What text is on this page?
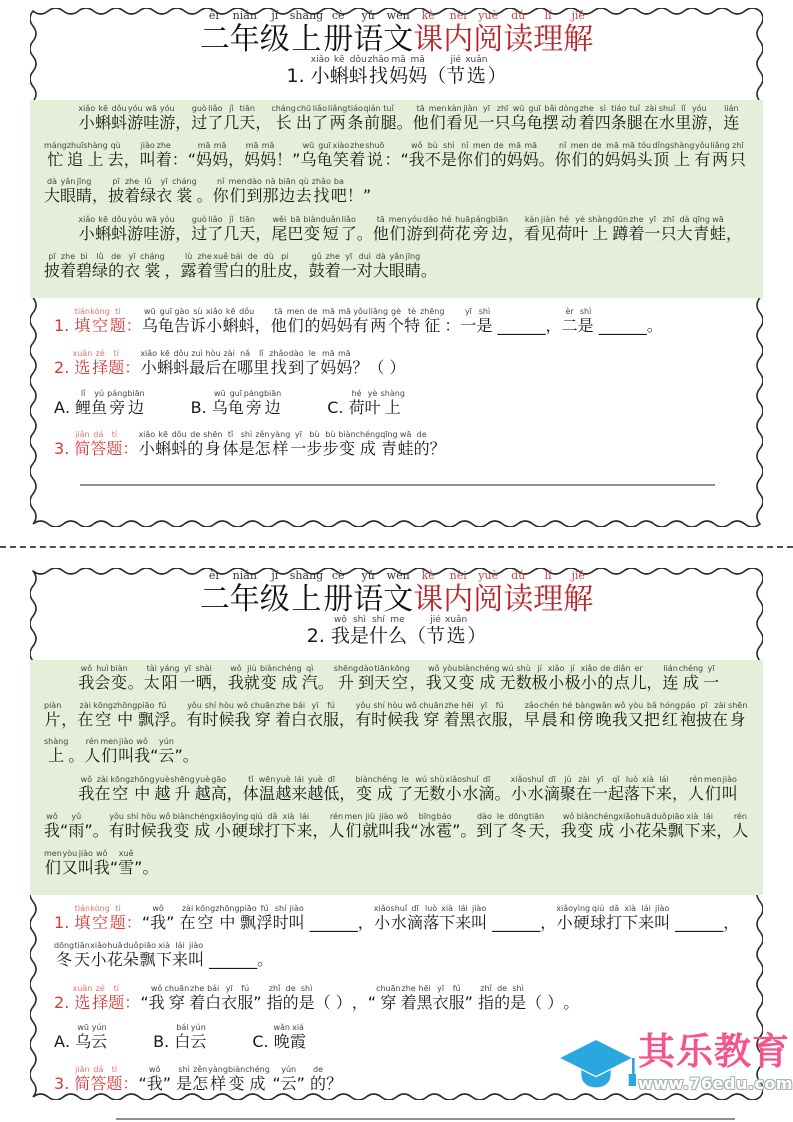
二èr年nián级jí上shàng册cè语yǔ文wén课kè内nèi阅yuè读dú理lǐ解jiě
1. 小xiǎo蝌kē蚪dǒu找zhǎo妈mā妈mā（节jié选xuǎn）
小xiǎo蝌kē蚪dǒu游yóu哇wā游yóu，过guò了liǎo几jǐ天tiān，长cháng出chū了liǎo两liǎng条tiáo前qián腿tuǐ。他tā们men看kàn见jiàn一yī只zhī乌wū龟guī摆bǎi动dòng着zhe四sì条tiáo腿tuǐ在zài水shuǐ里lǐ游yóu，连lián忙máng追zhuī上shàng去qù，叫jiào着zhe：“妈mā妈mā，妈mā妈mā！”乌wū龟guī笑xiào着zhe说shuō：“我wǒ不bù是shì你nǐ们men的de妈mā妈mā。你nǐ们men的de妈mā妈mā头tóu顶dǐng上shàng有yǒu两liǎng只zhī大dà眼yǎn睛jīng，披pī着zhe绿lǜ衣yī裳cháng。你nǐ们men到dào那nà边biān去qù找zhǎo吧ba！”
小xiǎo蝌kē蚪dǒu游yóu哇wā游yóu，过guò了liǎo几jǐ天tiān，尾wěi巴bā变biàn短duǎn了liǎo。他tā们men游yóu到dào荷hé花huā旁páng边biān，看kàn见jiàn荷hé叶yè上shàng蹲dūn着zhe一yī只zhī大dà青qīng蛙wā，披pī着zhe碧bì绿lǜ的de衣yī裳cháng，露lù着zhe雪xuě白bái的de肚dù皮pí，鼓gǔ着zhe一yī对duì大dà眼yǎn睛jīng。
1. 填tián空kòng题tí：乌wū龟guī告gào诉sù小xiǎo蝌kē蚪dǒu，他tā们men的de妈mā妈mā有yǒu两liǎng个gè特tè征zhēng：一yī是shì ______，二èr是shì ______。
2. 选xuǎn择zé题tí：小xiǎo蝌kē蚪dǒu最zuì后hòu在zài哪nǎ里lǐ找zhǎo到dào了le妈mā妈mā？（ ）
A. 鲤lǐ鱼yú旁páng边biān
B. 乌wū龟guī旁páng边biān
C. 荷hé叶yè上shàng
3. 简jiǎn答dá题tí：小xiǎo蝌kē蚪dǒu的de身shēn体tǐ是shì怎zěn样yàng一yī步bù步bù变biàn成chéng青qīng蛙wā的de？
二èr年nián级jí上shàng册cè语yǔ文wén课kè内nèi阅yuè读dú理lǐ解jiě
2. 我wǒ是shì什shí么me（节jié选xuǎn）
我wǒ会huì变biàn。太tài阳yáng一yī晒shài，我wǒ就jiù变biàn成chéng汽qì。升shēng到dào天tiān空kōng，我wǒ又yòu变biàn成chéng无wú数shù极jí小xiǎo极jí小xiǎo的de点diǎn儿er，连lián成chéng一yī片piàn，在zài空kōng中zhōng飘piāo浮fú。有yǒu时shí候hòu我wǒ穿chuān着zhe白bái衣yī服fú，有yǒu时shí候hòu我wǒ穿chuān着zhe黑hēi衣yī服fú，早zǎo晨chén和hé傍bàng晚wǎn我wǒ又yòu把bǎ红hóng袍páo披pī在zài身shēn上shàng。人rén们men叫jiào我wǒ“云yún”。
我wǒ在zài空kōng中zhōng越yuè升shēng越yuè高gāo，体tǐ温wēn越yuè来lái越yuè低dī，变biàn成chéng了le无wú数shù小xiǎo水shuǐ滴dī。小xiǎo水shuǐ滴dī聚jù在zài一yī起qǐ落luò下xià来lái，人rén们men叫jiào我wǒ“雨yǔ”。有yǒu时shí候hòu我wǒ变biàn成chéng小xiǎo硬yìng球qiú打dǎ下xià来lái，人rén们men就jiù叫jiào我wǒ“冰bīng雹báo”。到dào了le冬dōng天tiān，我wǒ变biàn成chéng小xiǎo花huā朵duǒ飘piāo下xià来lái，人rén们men又yòu叫jiào我wǒ“雪xuě”。
1. 填tián空kòng题tí：“我wǒ” 在zài空kōng中zhōng飘piāo浮fú时shí叫jiào ______，小xiǎo水shuǐ滴dī落luò下xià来lái叫jiào ______，小xiǎo硬yìng球qiú打dǎ下xià来lái叫jiào ______，冬dōng天tiān小xiǎo花huā朵duǒ飘piāo下xià来lái叫jiào ______。
2. 选xuǎn择zé题tí：“我wǒ穿chuān着zhe白bái衣yī服fú” 指zhǐ的de是shì（ ），“穿chuān着zhe黑hēi衣yī服fú” 指zhǐ的de是shì（ ）。
A. 乌wū云yún
B. 白bái云yún
C. 晚wǎn霞xiá
3. 简jiǎn答dá题tí：“我wǒ” 是shì怎zěn样yàng变biàn成chéng “云yún” 的de？
其乐教育
www.76edu.com
